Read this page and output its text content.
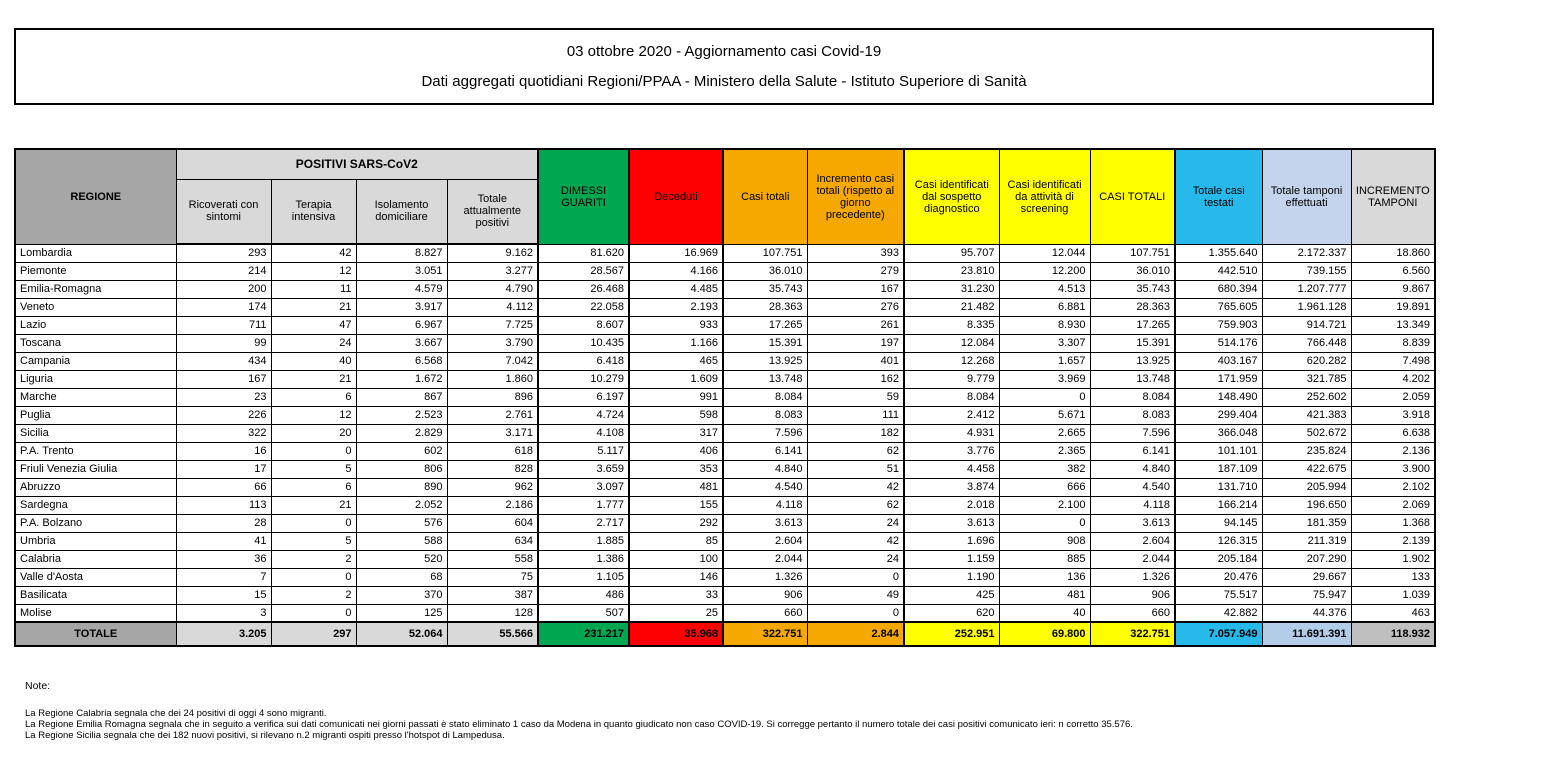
03 ottobre 2020 - Aggiornamento casi Covid-19
Dati aggregati quotidiani Regioni/PPAA - Ministero della Salute - Istituto Superiore di Sanità
REGIONE	POSITIVI SARS-CoV2				DIMESSI GUARITI	Deceduti	Casi totali	Incremento casi totali (rispetto al giorno precedente)	Casi identificati dal sospetto diagnostico	Casi identificati da attività di screening	CASI TOTALI	Totale casi testati	Totale tamponi effettuati	INCREMENTO TAMPONI
	Ricoverati con sintomi	Terapia intensiva	Isolamento domiciliare	Totale attualmente positivi										
Lombardia	293	42	8.827	9.162	81.620	16.969	107.751	393	95.707	12.044	107.751	1.355.640	2.172.337	18.860
Piemonte	214	12	3.051	3.277	28.567	4.166	36.010	279	23.810	12.200	36.010	442.510	739.155	6.560
Emilia-Romagna	200	11	4.579	4.790	26.468	4.485	35.743	167	31.230	4.513	35.743	680.394	1.207.777	9.867
Veneto	174	21	3.917	4.112	22.058	2.193	28.363	276	21.482	6.881	28.363	765.605	1.961.128	19.891
Lazio	711	47	6.967	7.725	8.607	933	17.265	261	8.335	8.930	17.265	759.903	914.721	13.349
Toscana	99	24	3.667	3.790	10.435	1.166	15.391	197	12.084	3.307	15.391	514.176	766.448	8.839
Campania	434	40	6.568	7.042	6.418	465	13.925	401	12.268	1.657	13.925	403.167	620.282	7.498
Liguria	167	21	1.672	1.860	10.279	1.609	13.748	162	9.779	3.969	13.748	171.959	321.785	4.202
Marche	23	6	867	896	6.197	991	8.084	59	8.084	0	8.084	148.490	252.602	2.059
Puglia	226	12	2.523	2.761	4.724	598	8.083	111	2.412	5.671	8.083	299.404	421.383	3.918
Sicilia	322	20	2.829	3.171	4.108	317	7.596	182	4.931	2.665	7.596	366.048	502.672	6.638
P.A. Trento	16	0	602	618	5.117	406	6.141	62	3.776	2.365	6.141	101.101	235.824	2.136
Friuli Venezia Giulia	17	5	806	828	3.659	353	4.840	51	4.458	382	4.840	187.109	422.675	3.900
Abruzzo	66	6	890	962	3.097	481	4.540	42	3.874	666	4.540	131.710	205.994	2.102
Sardegna	113	21	2.052	2.186	1.777	155	4.118	62	2.018	2.100	4.118	166.214	196.650	2.069
P.A. Bolzano	28	0	576	604	2.717	292	3.613	24	3.613	0	3.613	94.145	181.359	1.368
Umbria	41	5	588	634	1.885	85	2.604	42	1.696	908	2.604	126.315	211.319	2.139
Calabria	36	2	520	558	1.386	100	2.044	24	1.159	885	2.044	205.184	207.290	1.902
Valle d'Aosta	7	0	68	75	1.105	146	1.326	0	1.190	136	1.326	20.476	29.667	133
Basilicata	15	2	370	387	486	33	906	49	425	481	906	75.517	75.947	1.039
Molise	3	0	125	128	507	25	660	0	620	40	660	42.882	44.376	463
TOTALE	3.205	297	52.064	55.566	231.217	35.968	322.751	2.844	252.951	69.800	322.751	7.057.949	11.691.391	118.932
Note:
La Regione Calabria segnala che dei 24 positivi di oggi 4 sono migranti.
La Regione Emilia Romagna segnala che in seguito a verifica sui dati comunicati nei giorni passati è stato eliminato 1 caso da Modena in quanto giudicato non caso COVID-19. Si corregge pertanto il numero totale dei casi positivi comunicato ieri: n corretto 35.576.
La Regione Sicilia segnala che dei 182 nuovi positivi, si rilevano n.2 migranti ospiti presso l'hotspot di Lampedusa.
